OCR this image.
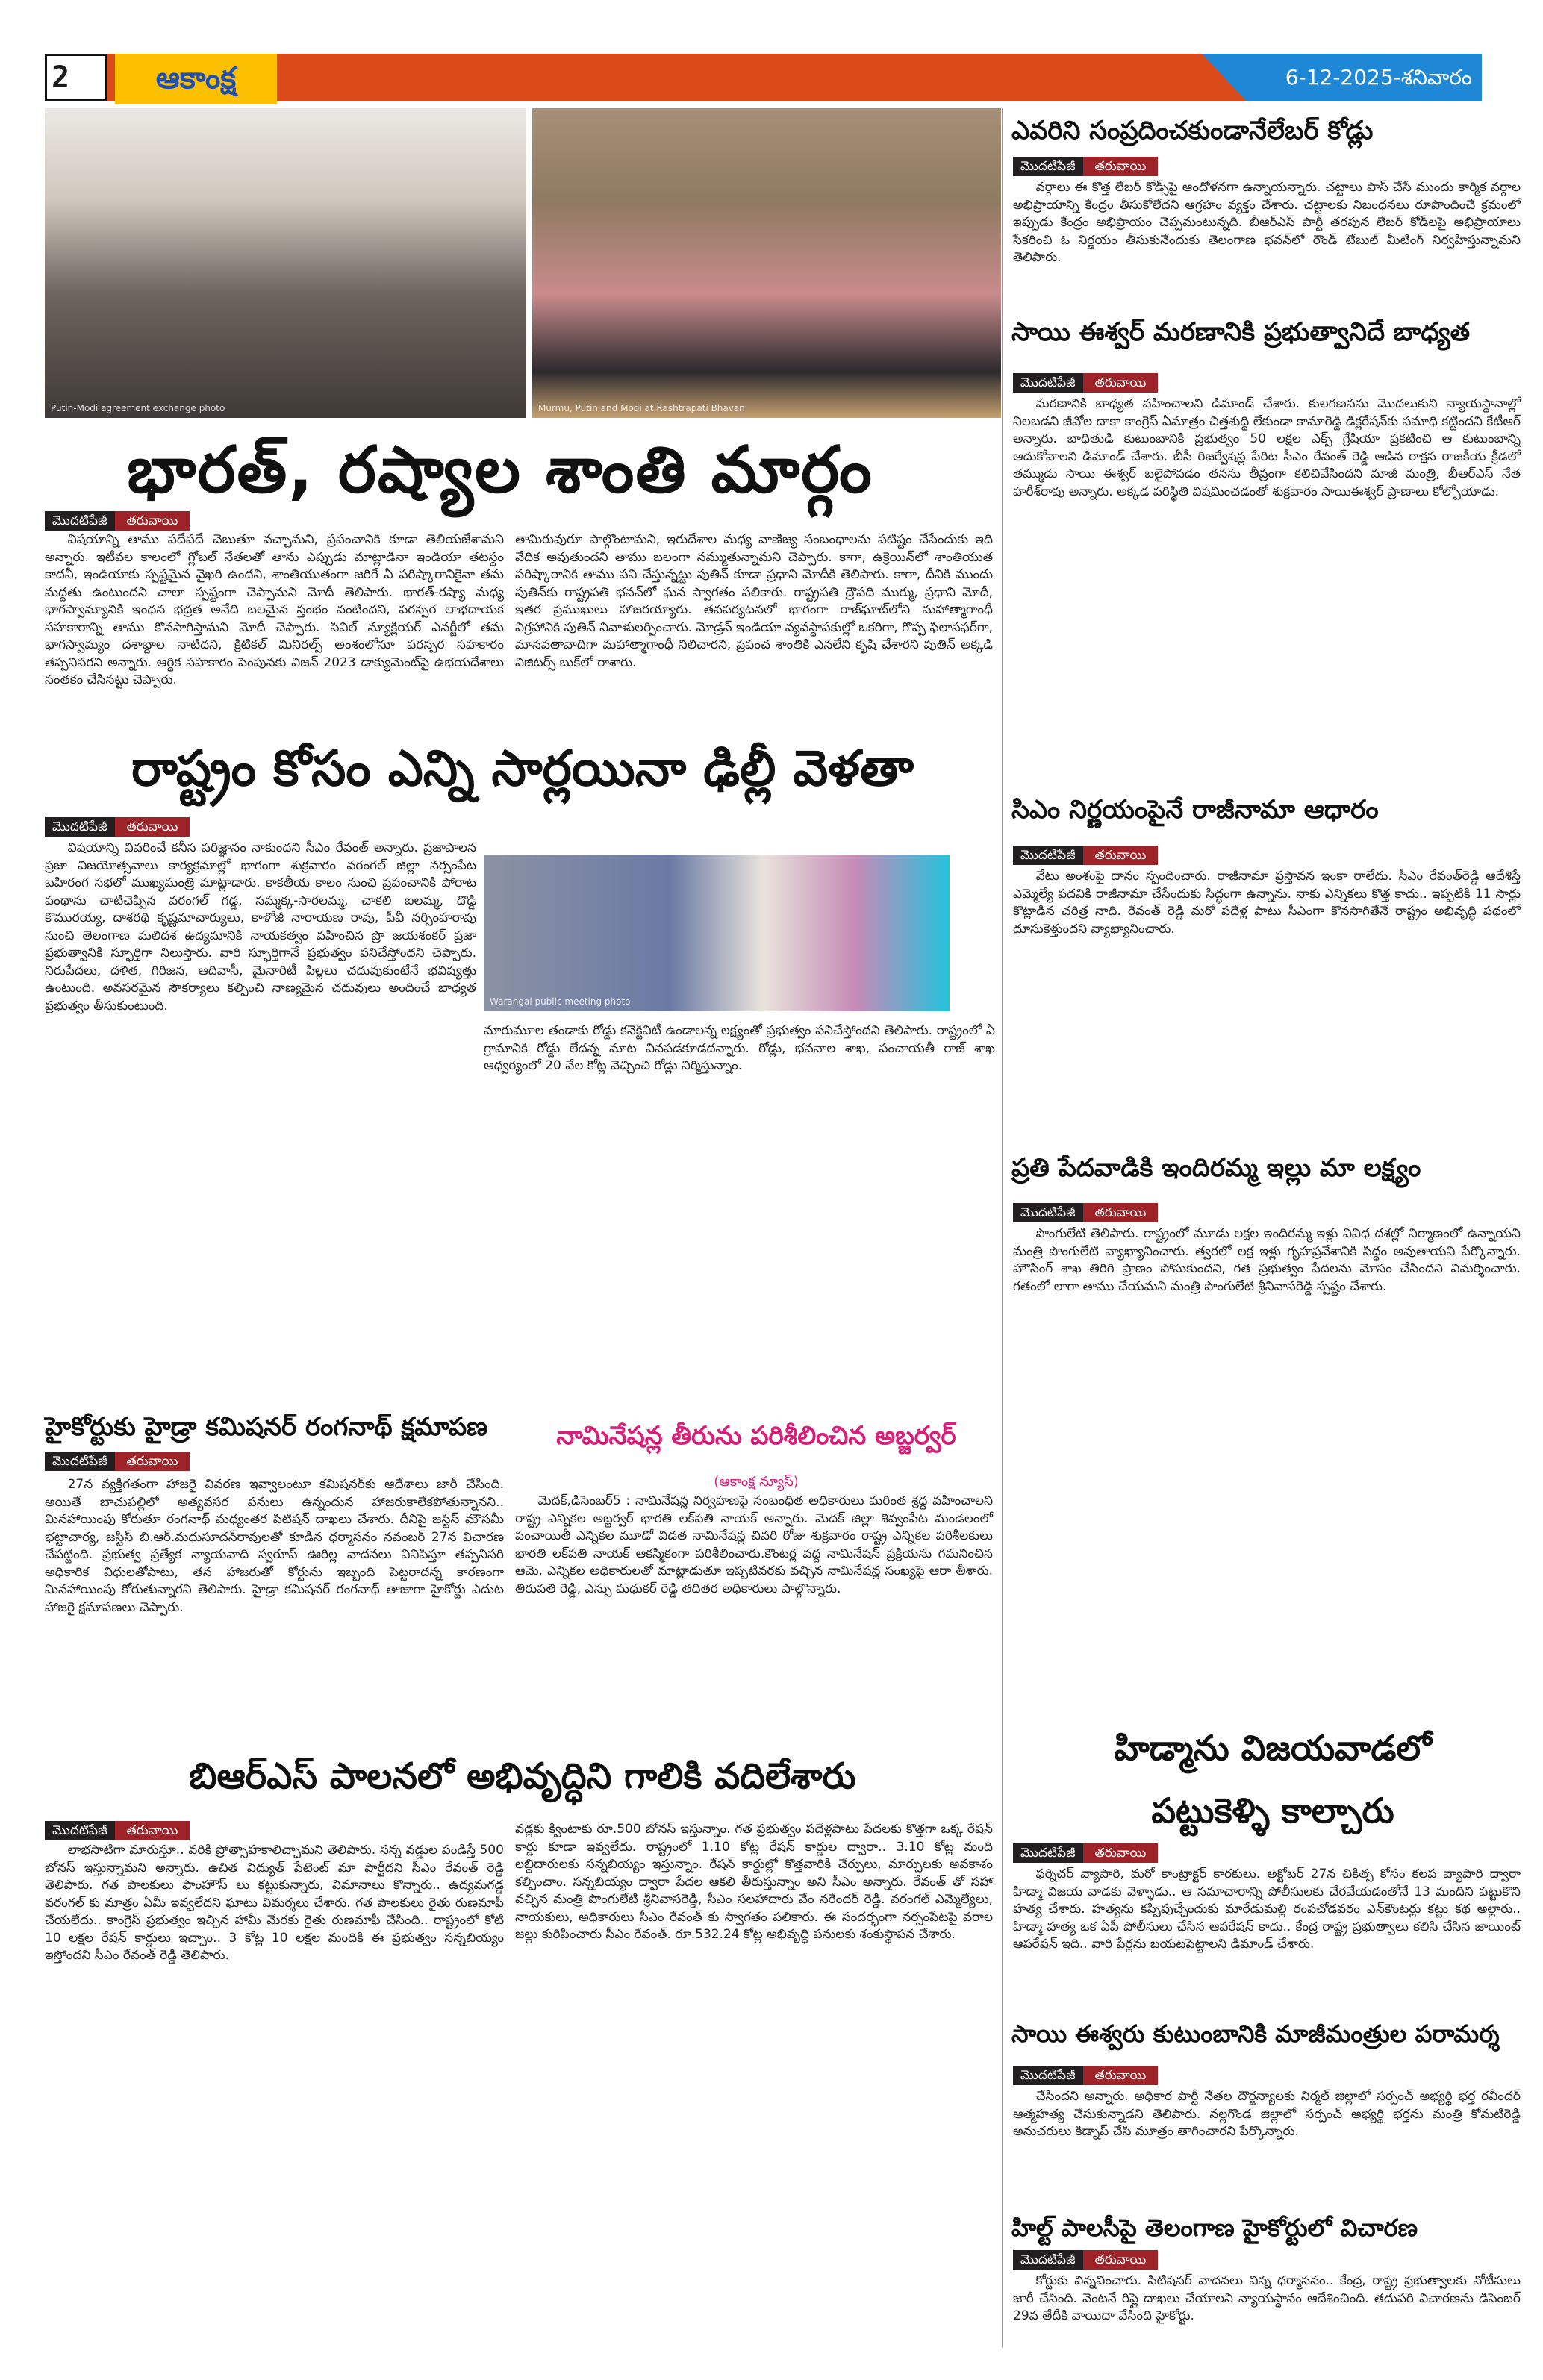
2	ఆకాంక్ష	6-12-2025-శనివారం
Putin-Modi agreement exchange photo	Murmu, Putin and Modi at Rashtrapati Bhavan
భారత్, రష్యాల శాంతి మార్గం
మొదటిపేజీ	తరువాయి
విషయాన్ని తాము పదేపదే చెబుతూ వచ్చామని, ప్రపంచానికి కూడా తెలియజేశామని అన్నారు. ఇటీవల కాలంలో గ్లోబల్ నేతలతో తాను ఎప్పుడు మాట్లాడినా ఇండియా తటస్థం కాదనీ, ఇండియాకు స్పష్టమైన వైఖరి ఉందని, శాంతియుతంగా జరిగే ఏ పరిష్కారానికైనా తమ మద్దతు ఉంటుందని చాలా స్పష్టంగా చెప్పామని మోదీ తెలిపారు. భారత్-రష్యా మధ్య భాగస్వామ్యానికి ఇంధన భద్రత అనేది బలమైన స్తంభం వంటిందని, పరస్పర లాభదాయక సహకారాన్ని తాము కొనసాగిస్తామని మోదీ చెప్పారు. సివిల్ న్యూక్లియర్ ఎనర్జీలో తమ భాగస్వామ్యం దశాబ్దాల నాటిదని, క్రిటికల్ మినిరల్స్ అంశంలోనూ పరస్పర సహకారం తప్పనిసరని అన్నారు. ఆర్థిక సహకారం పెంపునకు విజన్ 2023 డాక్యుమెంట్‌పై ఉభయదేశాలు సంతకం చేసినట్టు చెప్పారు.
తామిరువురూ పాల్గొంటామని, ఇరుదేశాల మధ్య వాణిజ్య సంబంధాలను పటిష్టం చేసేందుకు ఇది వేదిక అవుతుందని తాము బలంగా నమ్ముతున్నామని చెప్పారు. కాగా, ఉక్రెయిన్‌లో శాంతియుత పరిష్కారానికి తాము పని చేస్తున్నట్టు పుతిన్ కూడా ప్రధాని మోదీకి తెలిపారు. కాగా, దీనికి ముందు పుతిన్‌కు రాష్ట్రపతి భవన్‌లో ఘన స్వాగతం పలికారు. రాష్ట్రపతి ద్రౌపది ముర్ము, ప్రధాని మోదీ, ఇతర ప్రముఖులు హాజరయ్యారు. తనపర్యటనలో భాగంగా రాజ్‌ఘాట్‌లోని మహాత్మాగాంధీ విగ్రహానికి పుతిన్ నివాళులర్పించారు. మోడ్రన్ ఇండియా వ్యవస్థాపకుల్లో ఒకరిగా, గొప్ప ఫిలాసఫర్‌గా, మానవతావాదిగా మహాత్మాగాంధీ నిలిచారని, ప్రపంచ శాంతికి ఎనలేని కృషి చేశారని పుతిన్ అక్కడి విజిటర్స్ బుక్‌లో రాశారు.
రాష్ట్రం కోసం ఎన్ని సార్లయినా ఢిల్లీ వెళతా
మొదటిపేజీ	తరువాయి
విషయాన్ని వివరించే కనీస పరిజ్ఞానం నాకుందని సీఎం రేవంత్ అన్నారు. ప్రజాపాలన ప్రజా విజయోత్సవాలు కార్యక్రమాల్లో భాగంగా శుక్రవారం వరంగల్ జిల్లా నర్సంపేట బహిరంగ సభలో ముఖ్యమంత్రి మాట్లాడారు. కాకతీయ కాలం నుంచి ప్రపంచానికి పోరాట పంథాను చాటిచెప్పిన వరంగల్ గడ్డ, సమ్మక్క-సారలమ్మ, చాకలి ఐలమ్మ, దొడ్డి కొమురయ్య, దాశరథి కృష్ణమాచార్యులు, కాళోజీ నారాయణ రావు, పీవీ నర్సింహరావు నుంచి తెలంగాణ మలిదశ ఉద్యమానికి నాయకత్వం వహించిన ప్రొ జయశంకర్ ప్రజా ప్రభుత్వానికి స్ఫూర్తిగా నిలుస్తారు. వారి స్ఫూర్తిగానే ప్రభుత్వం పనిచేస్తోందని చెప్పారు. నిరుపేదలు, దళిత, గిరిజన, ఆదివాసీ, మైనారిటీ పిల్లలు చదువుకుంటేనే భవిష్యత్తు ఉంటుంది. అవసరమైన సౌకర్యాలు కల్పించి నాణ్యమైన చదువులు అందించే బాధ్యత ప్రభుత్వం తీసుకుంటుంది.	Warangal public meeting photo
మారుమూల తండాకు రోడ్డు కనెక్టివిటీ ఉండాలన్న లక్ష్యంతో ప్రభుత్వం పనిచేస్తోందని తెలిపారు. రాష్ట్రంలో ఏ గ్రామానికి రోడ్డు లేదన్న మాట వినపడకూడదన్నారు. రోడ్లు, భవనాల శాఖ, పంచాయతీ రాజ్ శాఖ ఆధ్వర్యంలో 20 వేల కోట్ల వెచ్చించి రోడ్లు నిర్మిస్తున్నాం.
హైకోర్టుకు హైడ్రా కమిషనర్ రంగనాథ్ క్షమాపణ
మొదటిపేజీ	తరువాయి
27న వ్యక్తిగతంగా హాజరై వివరణ ఇవ్వాలంటూ కమిషనర్‌కు ఆదేశాలు జారీ చేసింది. అయితే బాచుపల్లిలో అత్యవసర పనులు ఉన్నందున హాజరుకాలేకపోతున్నానని.. మినహాయింపు కోరుతూ రంగనాథ్ మధ్యంతర పిటిషన్ దాఖలు చేశారు. దీనిపై జస్టిస్ మౌసమీ భట్టాచార్య, జస్టిస్ బి.ఆర్.మధుసూదన్‌రావులతో కూడిన ధర్మాసనం నవంబర్ 27న విచారణ చేపట్టింది. ప్రభుత్వ ప్రత్యేక న్యాయవాది స్వరూప్ ఊరిల్ల వాదనలు వినిపిస్తూ తప్పనిసరి అధికారిక విధులతోపాటు, తన హాజరుతో కోర్టును ఇబ్బంది పెట్టరాదన్న కారణంగా మినహాయింపు కోరుతున్నారని తెలిపారు. హైడ్రా కమిషనర్ రంగనాథ్ తాజాగా హైకోర్టు ఎదుట హాజరై క్షమాపణలు చెప్పారు.
నామినేషన్ల తీరును పరిశీలించిన అబ్జర్వర్
(ఆకాంక్ష న్యూస్)
మెదక్,డిసెంబర్5 : నామినేషన్ల నిర్వహణపై సంబంధిత అధికారులు మరింత శ్రద్ధ వహించాలని రాష్ట్ర ఎన్నికల అబ్జర్వర్ భారతి లక్‌పతి నాయక్ అన్నారు. మెదక్ జిల్లా శివ్వంపేట మండలంలో పంచాయితీ ఎన్నికల మూడో విడత నామినేషన్ల చివరి రోజు శుక్రవారం రాష్ట్ర ఎన్నికల పరిశీలకులు భారతి లక్‌పతి నాయక్ ఆకస్మికంగా పరిశీలించారు.కౌంటర్ల వద్ద నామినేషన్ ప్రక్రియను గమనించిన ఆమె, ఎన్నికల అధికారులతో మాట్లాడుతూ ఇప్పటివరకు వచ్చిన నామినేషన్ల సంఖ్యపై ఆరా తీశారు. తిరుపతి రెడ్డి, ఎన్సు మధుకర్ రెడ్డి తదితర అధికారులు పాల్గొన్నారు.
బిఆర్ఎస్ పాలనలో అభివృద్ధిని గాలికి వదిలేశారు
మొదటిపేజీ	తరువాయి
లాభసాటిగా మారుస్తూ.. వరికి ప్రోత్సాహకాలిచ్చామని తెలిపారు. సన్న వడ్డుల పండిస్తే 500 బోనస్ ఇస్తున్నామని అన్నారు. ఉచిత విద్యుత్ పేటెంట్ మా పార్టీదని సీఎం రేవంత్ రెడ్డి తెలిపారు. గత పాలకులు ఫాంహౌస్ లు కట్టుకున్నారు, విమానాలు కొన్నారు.. ఉద్యమగడ్డ వరంగల్ కు మాత్రం ఏమీ ఇవ్వలేదని ఘాటు విమర్శలు చేశారు. గత పాలకులు రైతు రుణమాఫీ చేయలేదు.. కాంగ్రెస్ ప్రభుత్వం ఇచ్చిన హామీ మేరకు రైతు రుణమాఫీ చేసింది.. రాష్ట్రంలో కోటి 10 లక్షల రేషన్ కార్డులు ఇచ్చాం.. 3 కోట్ల 10 లక్షల మందికి ఈ ప్రభుత్వం సన్నబియ్యం ఇస్తోందని సీఎం రేవంత్ రెడ్డి తెలిపారు.
వడ్లకు క్వింటాకు రూ.500 బోనస్ ఇస్తున్నాం. గత ప్రభుత్వం పదేళ్లపాటు పేదలకు కొత్తగా ఒక్క రేషన్ కార్డు కూడా ఇవ్వలేదు. రాష్ట్రంలో 1.10 కోట్ల రేషన్ కార్డుల ద్వారా.. 3.10 కోట్ల మంది లబ్దిదారులకు సన్నబియ్యం ఇస్తున్నాం. రేషన్ కార్డుల్లో కొత్తవారికి చేర్పులు, మార్పులకు అవకాశం కల్పించాం. సన్నబియ్యం ద్వారా పేదల ఆకలి తీరుస్తున్నాం అని సీఎం అన్నారు. రేవంత్ తో సహా వచ్చిన మంత్రి పొంగులేటి శ్రీనివాసరెడ్డి, సీఎం సలహాదారు వేం నరేందర్ రెడ్డి. వరంగల్ ఎమ్మెల్యేలు, నాయకులు, అధికారులు సీఎం రేవంత్ కు స్వాగతం పలికారు. ఈ సందర్భంగా నర్సంపేటపై వరాల జల్లు కురిపించారు సీఎం రేవంత్. రూ.532.24 కోట్ల అభివృద్ధి పనులకు శంకుస్థాపన చేశారు.
ఎవరిని సంప్రదించకుండానేలేబర్ కోడ్లు
మొదటిపేజీ	తరువాయి
వర్గాలు ఈ కొత్త లేబర్ కోడ్స్‌పై ఆందోళనగా ఉన్నాయన్నారు. చట్టాలు పాస్ చేసే ముందు కార్మిక వర్గాల అభిప్రాయాన్ని కేంద్రం తీసుకోలేదని ఆగ్రహం వ్యక్తం చేశారు. చట్టాలకు నిబంధనలు రూపొందించే క్రమంలో ఇప్పుడు కేంద్రం అభిప్రాయం చెప్పమంటున్నది. బీఆర్ఎస్ పార్టీ తరపున లేబర్ కోడ్‌లపై అభిప్రాయాలు సేకరించి ఓ నిర్ణయం తీసుకునేందుకు తెలంగాణ భవన్‌లో రౌండ్ టేబుల్ మీటింగ్ నిర్వహిస్తున్నామని తెలిపారు.
సాయి ఈశ్వర్ మరణానికి ప్రభుత్వానిదే బాధ్యత
మొదటిపేజీ	తరువాయి
మరణానికి బాధ్యత వహించాలని డిమాండ్ చేశారు. కులగణనను మొదలుకుని న్యాయస్థానాల్లో నిలబడని జీవోల దాకా కాంగ్రెస్ ఏమాత్రం చిత్తశుద్ధి లేకుండా కామారెడ్డి డిక్లరేషన్‌కు సమాధి కట్టిందని కేటీఆర్ అన్నారు. బాధితుడి కుటుంబానికి ప్రభుత్వం 50 లక్షల ఎక్స్ గ్రేషియా ప్రకటించి ఆ కుటుంబాన్ని ఆదుకోవాలని డిమాండ్ చేశారు. బీసీ రిజర్వేషన్ల పేరిట సీఎం రేవంత్ రెడ్డి ఆడిన రాక్షస రాజకీయ క్రీడలో తమ్ముడు సాయి ఈశ్వర్ బలైపోవడం తనను తీవ్రంగా కలిచివేసిందని మాజీ మంత్రి, బీఆర్ఎస్ నేత హరీశ్‌రావు అన్నారు. అక్కడ పరిస్థితి విషమించడంతో శుక్రవారం సాయిఈశ్వర్ ప్రాణాలు కోల్పోయాడు.
సిఎం నిర్ణయంపైనే రాజీనామా ఆధారం
మొదటిపేజీ	తరువాయి
వేటు అంశంపై దానం స్పందించారు. రాజీనామా ప్రస్తావన ఇంకా రాలేదు. సీఎం రేవంత్‌రెడ్డి ఆదేశిస్తే ఎమ్మెల్యే పదవికి రాజీనామా చేసేందుకు సిద్ధంగా ఉన్నాను. నాకు ఎన్నికలు కొత్త కాదు.. ఇప్పటికి 11 సార్లు కొట్లాడిన చరిత్ర నాది. రేవంత్ రెడ్డి మరో పదేళ్ల పాటు సీఎంగా కొనసాగితేనే రాష్ట్రం అభివృద్ధి పథంలో దూసుకెళ్తుందని వ్యాఖ్యానించారు.
ప్రతి పేదవాడికి ఇందిరమ్మ ఇల్లు మా లక్ష్యం
మొదటిపేజీ	తరువాయి
పొంగులేటి తెలిపారు. రాష్ట్రంలో మూడు లక్షల ఇందిరమ్మ ఇళ్లు వివిధ దశల్లో నిర్మాణంలో ఉన్నాయని మంత్రి పొంగులేటి వ్యాఖ్యానించారు. త్వరలో లక్ష ఇళ్లు గృహప్రవేశానికి సిద్ధం అవుతాయని పేర్కొన్నారు. హౌసింగ్ శాఖ తిరిగి ప్రాణం పోసుకుందని, గత ప్రభుత్వం పేదలను మోసం చేసిందని విమర్శించారు. గతంలో లాగా తాము చేయమని మంత్రి పొంగులేటి శ్రీనివాసరెడ్డి స్పష్టం చేశారు.
హిడ్మాను విజయవాడలో
పట్టుకెళ్ళి కాల్చారు
మొదటిపేజీ	తరువాయి
ఫర్నిచర్ వ్యాపారి, మరో కాంట్రాక్టర్ కారకులు. అక్టోబర్ 27న చికిత్స కోసం కలప వ్యాపారి ద్వారా హిడ్మా విజయ వాడకు వెళ్ళాడు.. ఆ సమాచారాన్ని పోలీసులకు చేరవేయడంతోనే 13 మందిని పట్టుకొని హత్య చేశారు. హత్యను కప్పిపుచ్చేందుకు మారేడుమల్లి రంపచోడవరం ఎన్‌కౌంటర్లు కట్టు కథ అల్లారు.. హిడ్మా హత్య ఒక ఏపీ పోలీసులు చేసిన ఆపరేషన్ కాదు.. కేంద్ర రాష్ట్ర ప్రభుత్వాలు కలిసి చేసిన జాయింట్ ఆపరేషన్ ఇది.. వారి పేర్లను బయటపెట్టాలని డిమాండ్ చేశారు.
సాయి ఈశ్వరు కుటుంబానికి మాజీమంత్రుల పరామర్శ
మొదటిపేజీ	తరువాయి
చేసిందని అన్నారు. అధికార పార్టీ నేతల దౌర్జన్యాలకు నిర్మల్ జిల్లాలో సర్పంచ్ అభ్యర్థి భర్త రవీందర్ ఆత్మహత్య చేసుకున్నాడని తెలిపారు. నల్లగొండ జిల్లాలో సర్పంచ్ అభ్యర్థి భర్తను మంత్రి కోమటిరెడ్డి అనుచరులు కిడ్నాప్ చేసి మూత్రం తాగించారని పేర్కొన్నారు.
హిల్ట్ పాలసీపై తెలంగాణ హైకోర్టులో విచారణ
మొదటిపేజీ	తరువాయి
కోర్టుకు విన్నవించారు. పిటిషనర్ వాదనలు విన్న ధర్మాసనం.. కేంద్ర, రాష్ట్ర ప్రభుత్వాలకు నోటీసులు జారీ చేసింది. వెంటనే రిప్లై దాఖలు చేయాలని న్యాయస్థానం ఆదేశించింది. తదుపరి విచారణను డిసెంబర్ 29వ తేదీకి వాయిదా వేసింది హైకోర్టు.
